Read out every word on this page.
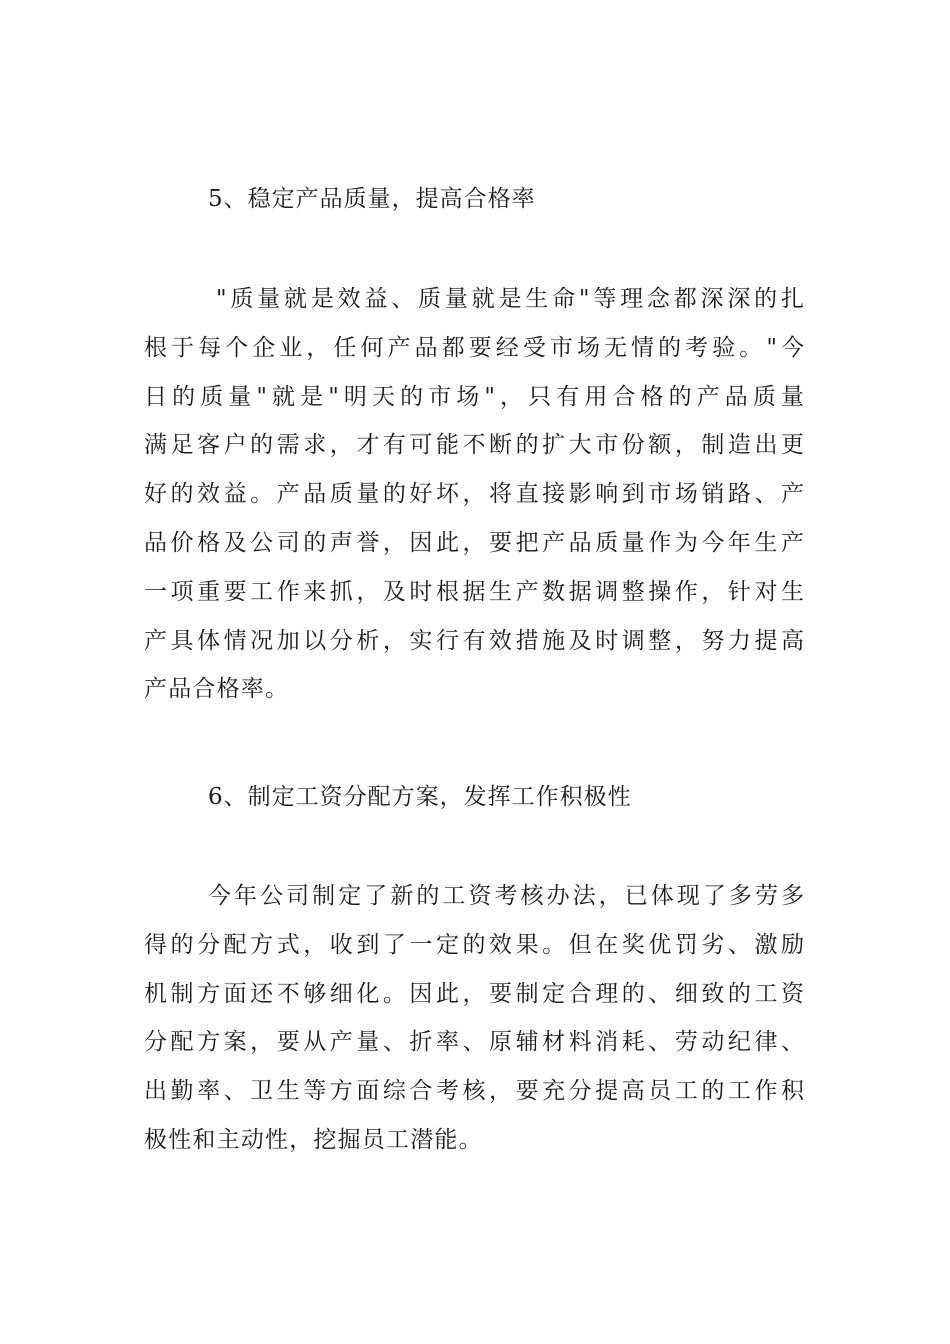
5、稳定产品质量，提高合格率
"质量就是效益、质量就是生命"等理念都深深的扎
根于每个企业，任何产品都要经受市场无情的考验。"今
日的质量"就是"明天的市场"，只有用合格的产品质量
满足客户的需求，才有可能不断的扩大市份额，制造出更
好的效益。产品质量的好坏，将直接影响到市场销路、产
品价格及公司的声誉，因此，要把产品质量作为今年生产
一项重要工作来抓，及时根据生产数据调整操作，针对生
产具体情况加以分析，实行有效措施及时调整，努力提高
产品合格率。
6、制定工资分配方案，发挥工作积极性
今年公司制定了新的工资考核办法，已体现了多劳多
得的分配方式，收到了一定的效果。但在奖优罚劣、激励
机制方面还不够细化。因此，要制定合理的、细致的工资
分配方案，要从产量、折率、原辅材料消耗、劳动纪律、
出勤率、卫生等方面综合考核，要充分提高员工的工作积
极性和主动性，挖掘员工潜能。
